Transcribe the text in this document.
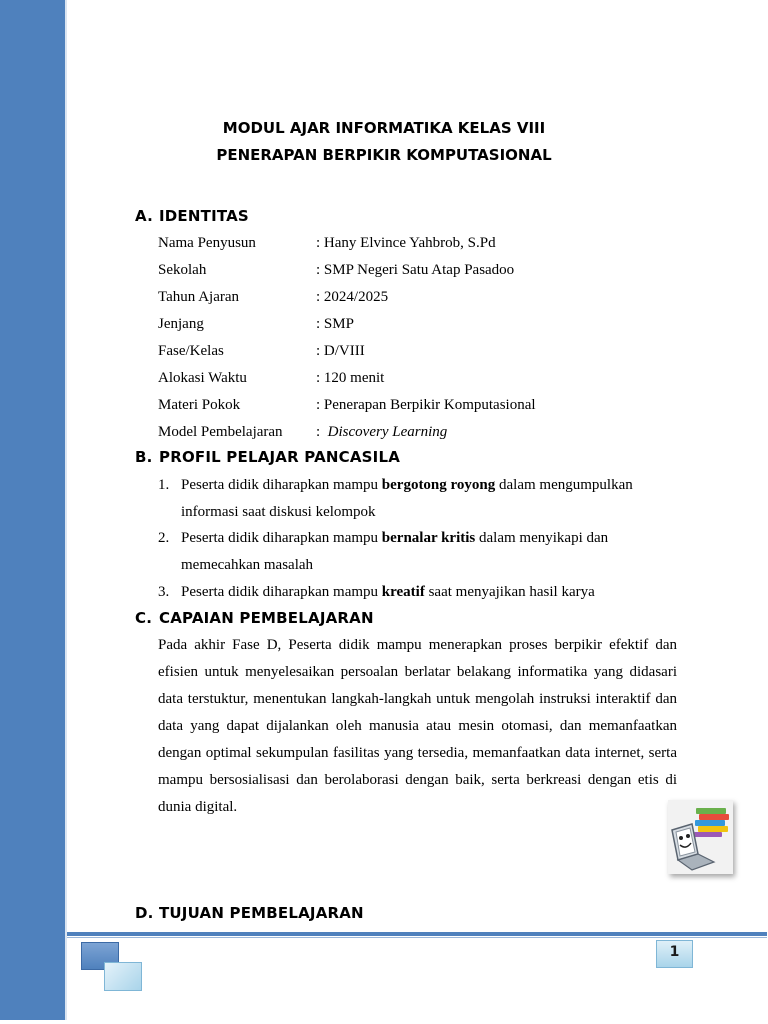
MODUL AJAR INFORMATIKA KELAS VIII
PENERAPAN BERPIKIR KOMPUTASIONAL
A. IDENTITAS
Nama Penyusun	: Hany Elvince Yahbrob, S.Pd
Sekolah	: SMP Negeri Satu Atap Pasadoo
Tahun Ajaran	: 2024/2025
Jenjang	: SMP
Fase/Kelas	: D/VIII
Alokasi Waktu	: 120 menit
Materi Pokok	: Penerapan Berpikir Komputasional
Model Pembelajaran :  Discovery Learning
B. PROFIL PELAJAR PANCASILA
1. Peserta didik diharapkan mampu bergotong royong dalam mengumpulkan informasi saat diskusi kelompok
2. Peserta didik diharapkan mampu bernalar kritis dalam menyikapi dan memecahkan masalah
3. Peserta didik diharapkan mampu kreatif saat menyajikan hasil karya
C. CAPAIAN PEMBELAJARAN
Pada akhir Fase D, Peserta didik mampu menerapkan proses berpikir efektif dan efisien untuk menyelesaikan persoalan berlatar belakang informatika yang didasari data terstuktur, menentukan langkah-langkah untuk mengolah instruksi interaktif dan data yang dapat dijalankan oleh manusia atau mesin otomasi, dan memanfaatkan dengan optimal sekumpulan fasilitas yang tersedia, memanfaatkan data internet, serta mampu bersosialisasi dan berolaborasi dengan baik, serta berkreasi dengan etis di dunia digital.
D. TUJUAN PEMBELAJARAN
1
